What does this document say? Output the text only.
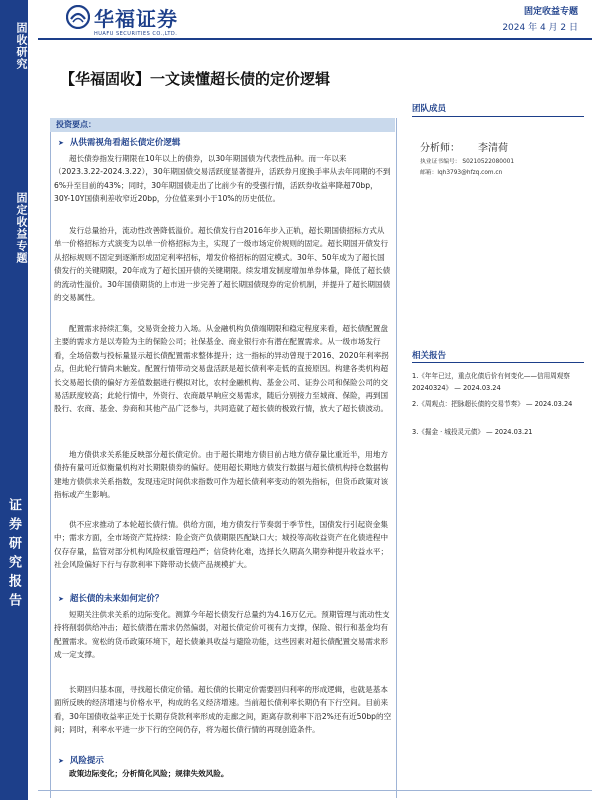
固收研究
固定收益专题
证券研究报告
华福证券
HUAFU SECURITIES CO.,LTD.
固定收益专题
2024 年 4 月 2 日
【华福固收】一文读懂超长债的定价逻辑
投资要点：
➤ 从供需视角看超长债定价逻辑
超长债券指发行期限在10年以上的债券，以30年期国债为代表性品种。而一年以来（2023.3.22-2024.3.22），30年期国债交易活跃度显著提升，活跃券月度换手率从去年同期的不到6%升至目前的43%；同时，30年期国债走出了比前少有的受强行情，活跃券收益率降超70bp，30Y-10Y国债利差收窄近20bp，分位值来到小于10%的历史低位。
发行总量抬升，流动性改善降低溢价。超长债发行自2016年步入正轨，超长期国债招标方式从单一价格招标方式演变为以单一价格招标为主，实现了一级市场定价规则的固定。超长期国开债发行从招标规则不固定到逐渐形成固定利率招标，增发价格招标的固定模式。30年、50年成为了超长国债发行的关键期限，20年成为了超长国开债的关键期限。续发增发制度增加单券体量，降低了超长债的流动性溢价。30年国债期货的上市进一步完善了超长期国债现券的定价机制，并提升了超长期国债的交易属性。
配置需求持续汇集，交易资金接力入场。从金融机构负债端期限和稳定程度来看，超长债配置盘主要的需求方是以寿险为主的保险公司；社保基金、商业银行亦有潜在配置需求。从一级市场发行看，全场倍数与投标量显示超长债配置需求整体提升；这一指标的异动曾现于2016、2020年利率拐点，但此轮行情尚未触发。配置行情带动交易盘活跃是超长债利率走低的直接原因。构建各类机构超长交易超长债的偏好方差值数据进行模拟对比，农村金融机构、基金公司、证券公司和保险公司的交易活跃度较高；此轮行情中，外资行、农商最早响应交易需求，随后分别接力至城商、保险，再到国股行、农商、基金、券商和其他产品广泛参与，共同造就了超长债的极致行情，放大了超长债波动。
地方债供求关系能反映部分超长债定价。由于超长期地方债目前占地方债存量比重近半，用地方债持有量可近似衡量机构对长期限债券的偏好。使用超长期地方债发行数据与超长债机构持仓数据构建地方债供求关系指数，发现违定时间供求指数可作为超长债利率变动的领先指标，但货币政策对该指标或产生影响。
供不应求推动了本轮超长债行情。供给方面，地方债发行节奏弱于季节性，国债发行引起资金集中；需求方面，全市场资产荒持续：险企资产负债期限匹配缺口大；城投等高收益资产在化债进程中仅存存量，监管对部分机构风险权重管理趋严；信贷转化难，选择长久期高久期券种提升收益水平；社会风险偏好下行与存款利率下降带动长债产品规模扩大。
➤ 超长债的未来如何定价？
短期关注供求关系的边际变化。测算今年超长债发行总量约为4.16万亿元。预期管理与流动性支持将削弱供给冲击；超长债潜在需求仍然偏弱，对超长债定价可视有力支撑，保险、银行和基金均有配置需求。宽松的货币政策环境下，超长债兼具收益与避险功能，这些因素对超长债配置交易需求形成一定支撑。
长期回归基本面，寻找超长债定价锚。超长债的长期定价需要回归利率的形成逻辑，也就是基本面所反映的经济增速与价格水平，构成的名义经济增速。当前超长债利率长期仍有下行空间。目前来看，30年国债收益率正处于长期存贷款利率形成的走廊之间，距离存款利率下沿2%还有近50bp的空间；同时，利率水平进一步下行的空间仍存，将为超长债行情的再现创造条件。
➤ 风险提示
政策边际变化；分析简化风险；规律失效风险。
团队成员
分析师： 李清荷
执业证书编号： S0210522080001
邮箱：lqh3793@hfzq.com.cn
相关报告
1.《年年已过，重点化债后价有何变化——信用周观察 20240324》 — 2024.03.24
2.《周观点：把脉超长债的交易节奏》 — 2024.03.24
3.《掘金 · 城投灵元债》 — 2024.03.21
